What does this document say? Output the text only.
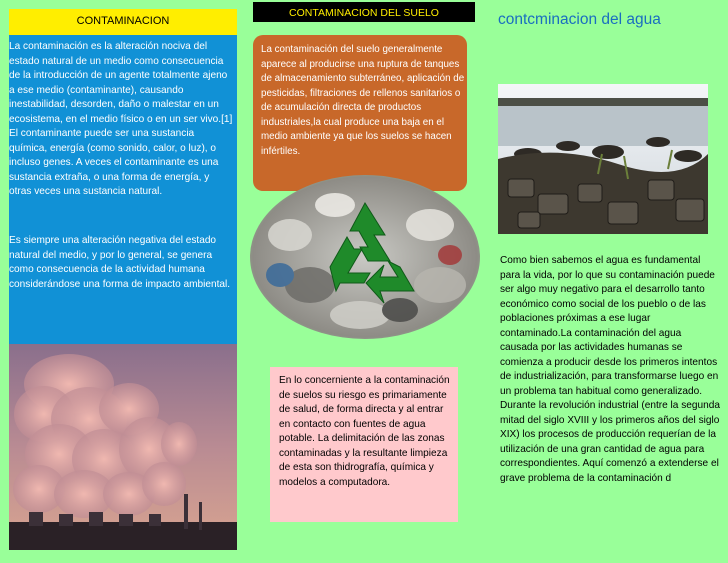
CONTAMINACION
La contaminación es la alteración nociva del estado natural de un medio como consecuencia de la introducción de un agente totalmente ajeno a ese medio (contaminante), causando inestabilidad, desorden, daño o malestar en un ecosistema, en el medio físico o en un ser vivo.[1] El contaminante puede ser una sustancia química, energía (como sonido, calor, o luz), o incluso genes. A veces el contaminante es una sustancia extraña, o una forma de energía, y otras veces una sustancia natural.
Es siempre una alteración negativa del estado natural del medio, y por lo general, se genera como consecuencia de la actividad humana considerándose una forma de impacto ambiental.
CONTAMINACION DEL SUELO
La contaminación del suelo generalmente aparece al producirse una ruptura de tanques de almacenamiento subterráneo, aplicación de pesticidas, filtraciones de rellenos sanitarios o de acumulación directa de productos industriales,la cual produce una baja en el medio ambiente ya que los suelos se hacen infértiles.
En lo concerniente a la contaminación de suelos su riesgo es primariamente de salud, de forma directa y al entrar en contacto con fuentes de agua potable. La delimitación de las zonas contaminadas y la resultante limpieza de esta son thidrografía, química y modelos a computadora.
contcminacion del agua
Como bien sabemos el agua es fundamental para la vida, por lo que su contaminación puede ser algo muy negativo para el desarrollo tanto económico como social de los pueblo o de las poblaciones próximas a ese lugar contaminado.La contaminación del agua causada por las actividades humanas se comienza a producir desde los primeros intentos de industrialización, para transformarse luego en un problema tan habitual como generalizado. Durante la revolución industrial (entre la segunda mitad del siglo XVIII y los primeros años del siglo XIX) los procesos de producción requerían de la utilización de una gran cantidad de agua para correspondientes. Aquí comenzó a extenderse el grave problema de la contaminación d
